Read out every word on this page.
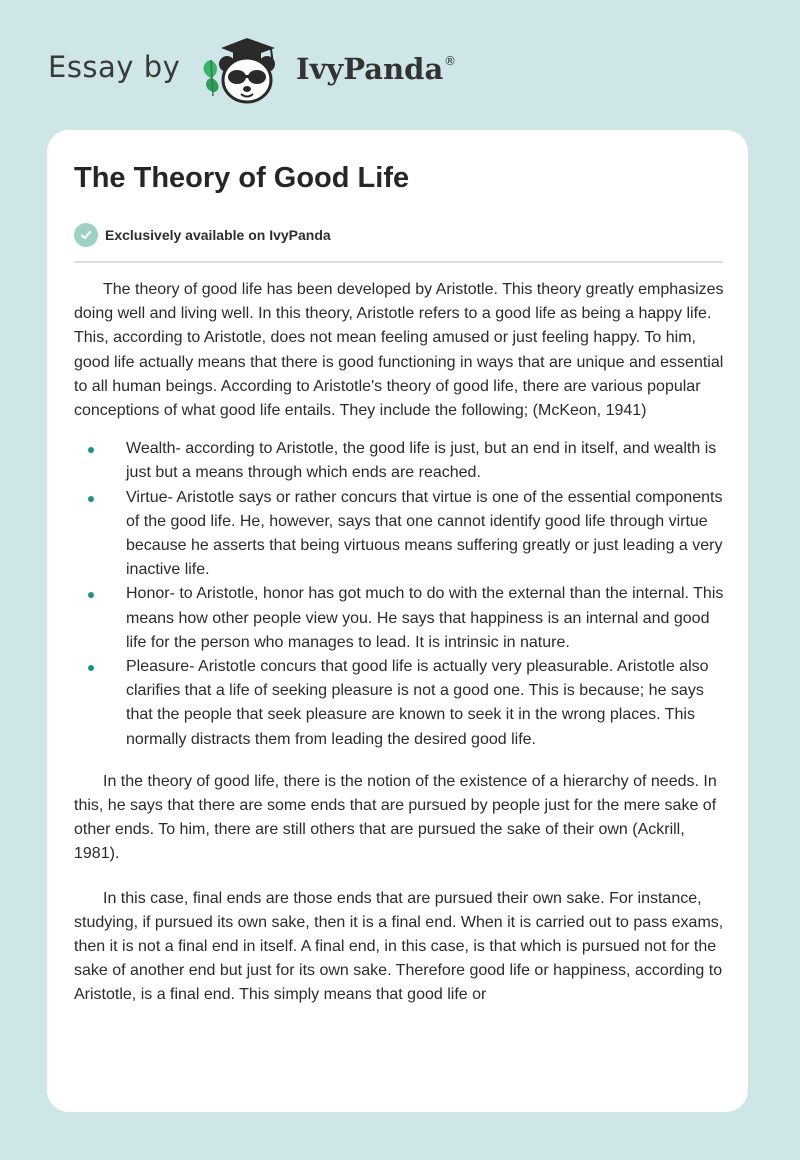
Essay by	IvyPanda ®
The Theory of Good Life
Exclusively available on IvyPanda

The theory of good life has been developed by Aristotle. This theory greatly emphasizes doing well and living well. In this theory, Aristotle refers to a good life as being a happy life. This, according to Aristotle, does not mean feeling amused or just feeling happy. To him, good life actually means that there is good functioning in ways that are unique and essential to all human beings. According to Aristotle's theory of good life, there are various popular conceptions of what good life entails. They include the following; (McKeon, 1941)

Wealth- according to Aristotle, the good life is just, but an end in itself, and wealth is just but a means through which ends are reached.
Virtue- Aristotle says or rather concurs that virtue is one of the essential components of the good life. He, however, says that one cannot identify good life through virtue because he asserts that being virtuous means suffering greatly or just leading a very inactive life.
Honor- to Aristotle, honor has got much to do with the external than the internal. This means how other people view you. He says that happiness is an internal and good life for the person who manages to lead. It is intrinsic in nature.
Pleasure- Aristotle concurs that good life is actually very pleasurable. Aristotle also clarifies that a life of seeking pleasure is not a good one. This is because; he says that the people that seek pleasure are known to seek it in the wrong places. This normally distracts them from leading the desired good life.

In the theory of good life, there is the notion of the existence of a hierarchy of needs. In this, he says that there are some ends that are pursued by people just for the mere sake of other ends. To him, there are still others that are pursued the sake of their own (Ackrill, 1981).

In this case, final ends are those ends that are pursued their own sake. For instance, studying, if pursued its own sake, then it is a final end. When it is carried out to pass exams, then it is not a final end in itself. A final end, in this case, is that which is pursued not for the sake of another end but just for its own sake. Therefore good life or happiness, according to Aristotle, is a final end. This simply means that good life or
